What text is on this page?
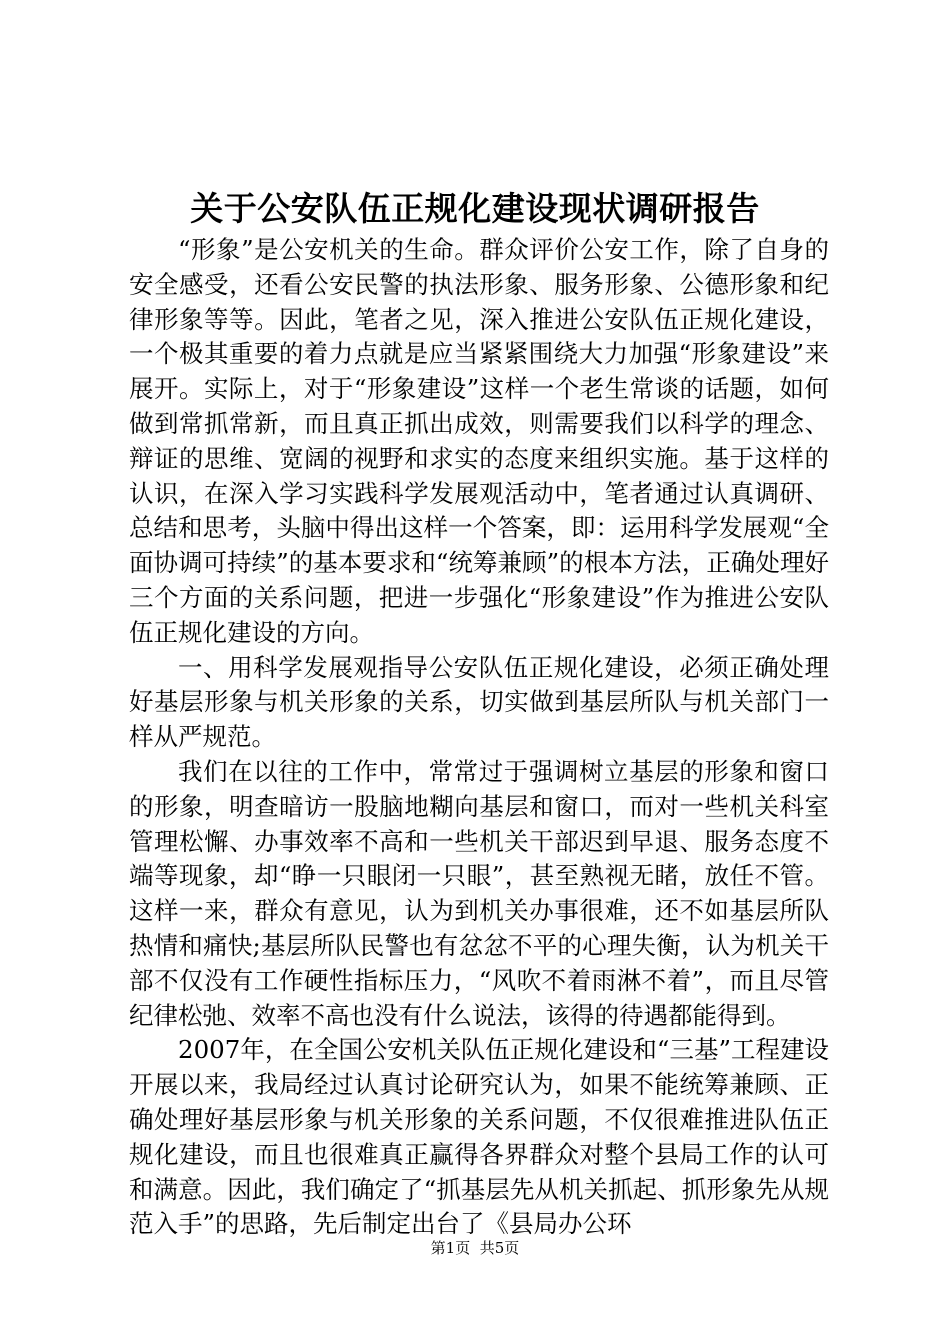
关于公安队伍正规化建设现状调研报告

“形象”是公安机关的生命。群众评价公安工作，除了自身的安全感受，还看公安民警的执法形象、服务形象、公德形象和纪律形象等等。因此，笔者之见，深入推进公安队伍正规化建设，一个极其重要的着力点就是应当紧紧围绕大力加强“形象建设”来展开。实际上，对于“形象建设”这样一个老生常谈的话题，如何做到常抓常新，而且真正抓出成效，则需要我们以科学的理念、辩证的思维、宽阔的视野和求实的态度来组织实施。基于这样的认识，在深入学习实践科学发展观活动中，笔者通过认真调研、总结和思考，头脑中得出这样一个答案，即：运用科学发展观“全面协调可持续”的基本要求和“统筹兼顾”的根本方法，正确处理好三个方面的关系问题，把进一步强化“形象建设”作为推进公安队伍正规化建设的方向。

一、用科学发展观指导公安队伍正规化建设，必须正确处理好基层形象与机关形象的关系，切实做到基层所队与机关部门一样从严规范。

我们在以往的工作中，常常过于强调树立基层的形象和窗口的形象，明查暗访一股脑地糊向基层和窗口，而对一些机关科室管理松懈、办事效率不高和一些机关干部迟到早退、服务态度不端等现象，却“睁一只眼闭一只眼”，甚至熟视无睹，放任不管。这样一来，群众有意见，认为到机关办事很难，还不如基层所队热情和痛快;基层所队民警也有忿忿不平的心理失衡，认为机关干部不仅没有工作硬性指标压力，“风吹不着雨淋不着”，而且尽管纪律松弛、效率不高也没有什么说法，该得的待遇都能得到。

2007年，在全国公安机关队伍正规化建设和“三基”工程建设开展以来，我局经过认真讨论研究认为，如果不能统筹兼顾、正确处理好基层形象与机关形象的关系问题，不仅很难推进队伍正规化建设，而且也很难真正赢得各界群众对整个县局工作的认可和满意。因此，我们确定了“抓基层先从机关抓起、抓形象先从规范入手”的思路，先后制定出台了《县局办公环

第1页 共5页
